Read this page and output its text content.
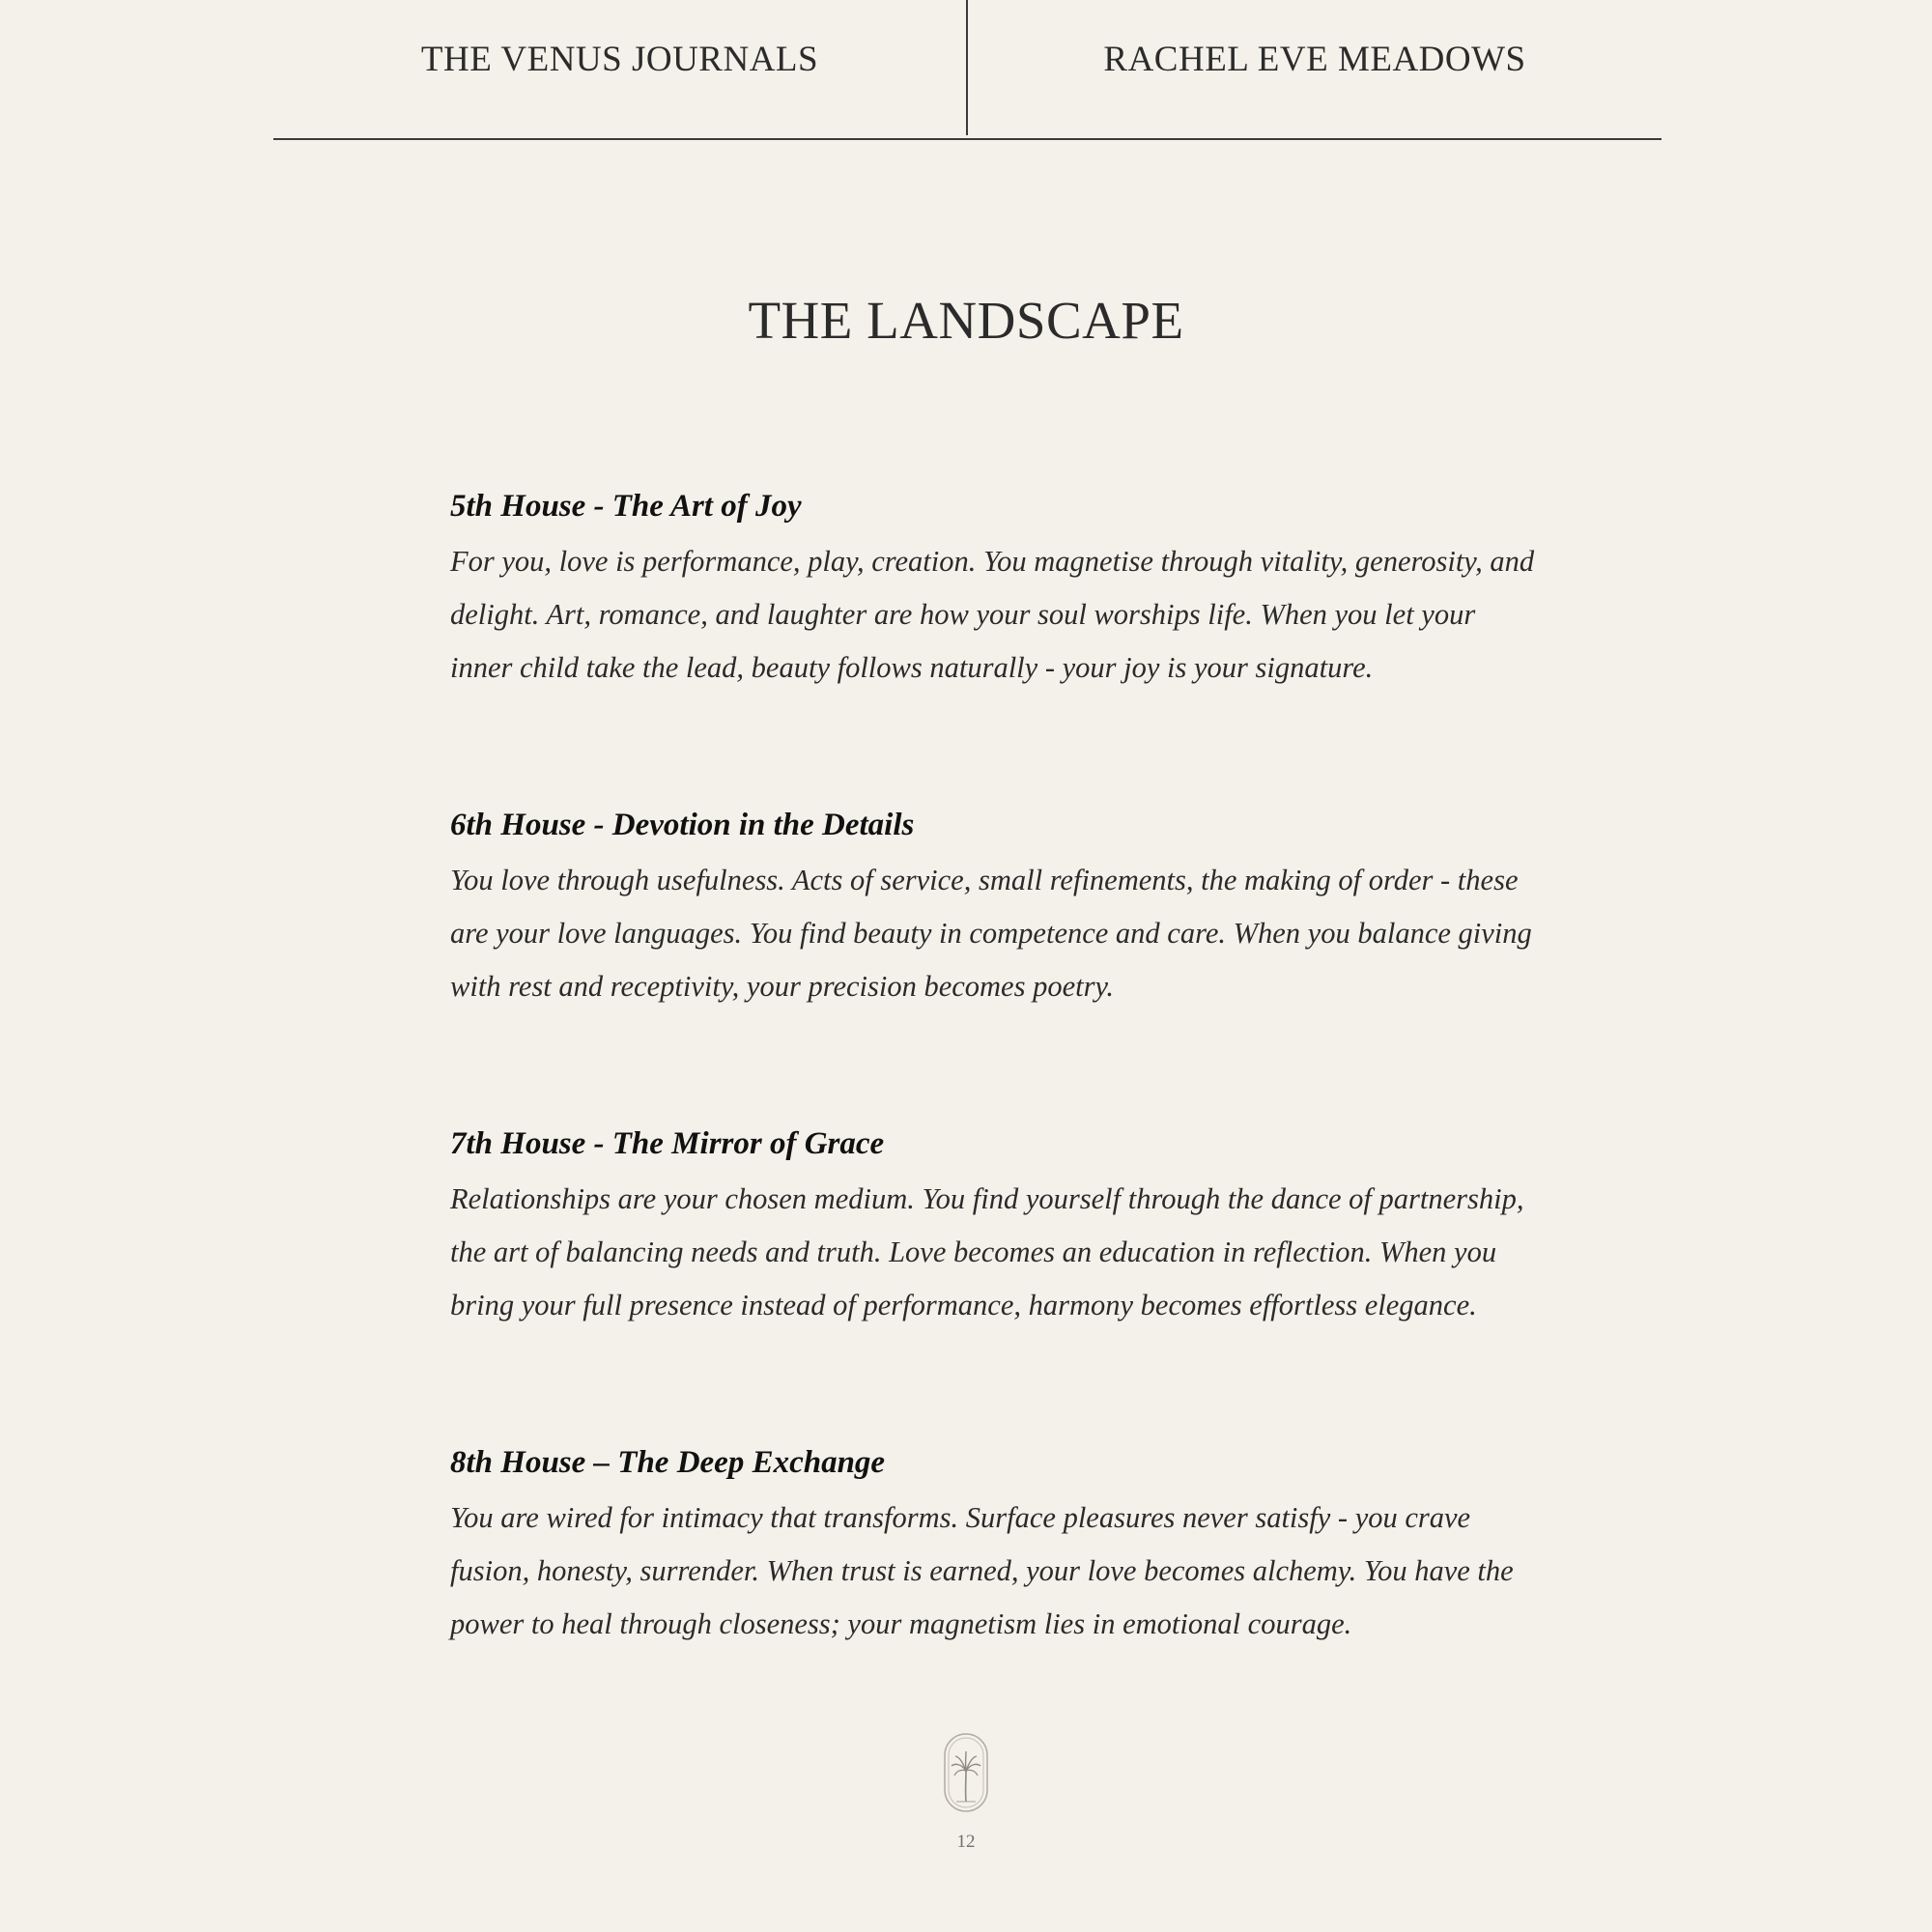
THE VENUS JOURNALS	RACHEL EVE MEADOWS
THE LANDSCAPE
5th House - The Art of Joy
For you, love is performance, play, creation. You magnetise through vitality, generosity, and
delight. Art, romance, and laughter are how your soul worships life. When you let your
inner child take the lead, beauty follows naturally - your joy is your signature.
6th House - Devotion in the Details
You love through usefulness. Acts of service, small refinements, the making of order - these
are your love languages. You find beauty in competence and care. When you balance giving
with rest and receptivity, your precision becomes poetry.
7th House - The Mirror of Grace
Relationships are your chosen medium. You find yourself through the dance of partnership,
the art of balancing needs and truth. Love becomes an education in reflection. When you
bring your full presence instead of performance, harmony becomes effortless elegance.
8th House – The Deep Exchange
You are wired for intimacy that transforms. Surface pleasures never satisfy - you crave
fusion, honesty, surrender. When trust is earned, your love becomes alchemy. You have the
power to heal through closeness; your magnetism lies in emotional courage.
12
